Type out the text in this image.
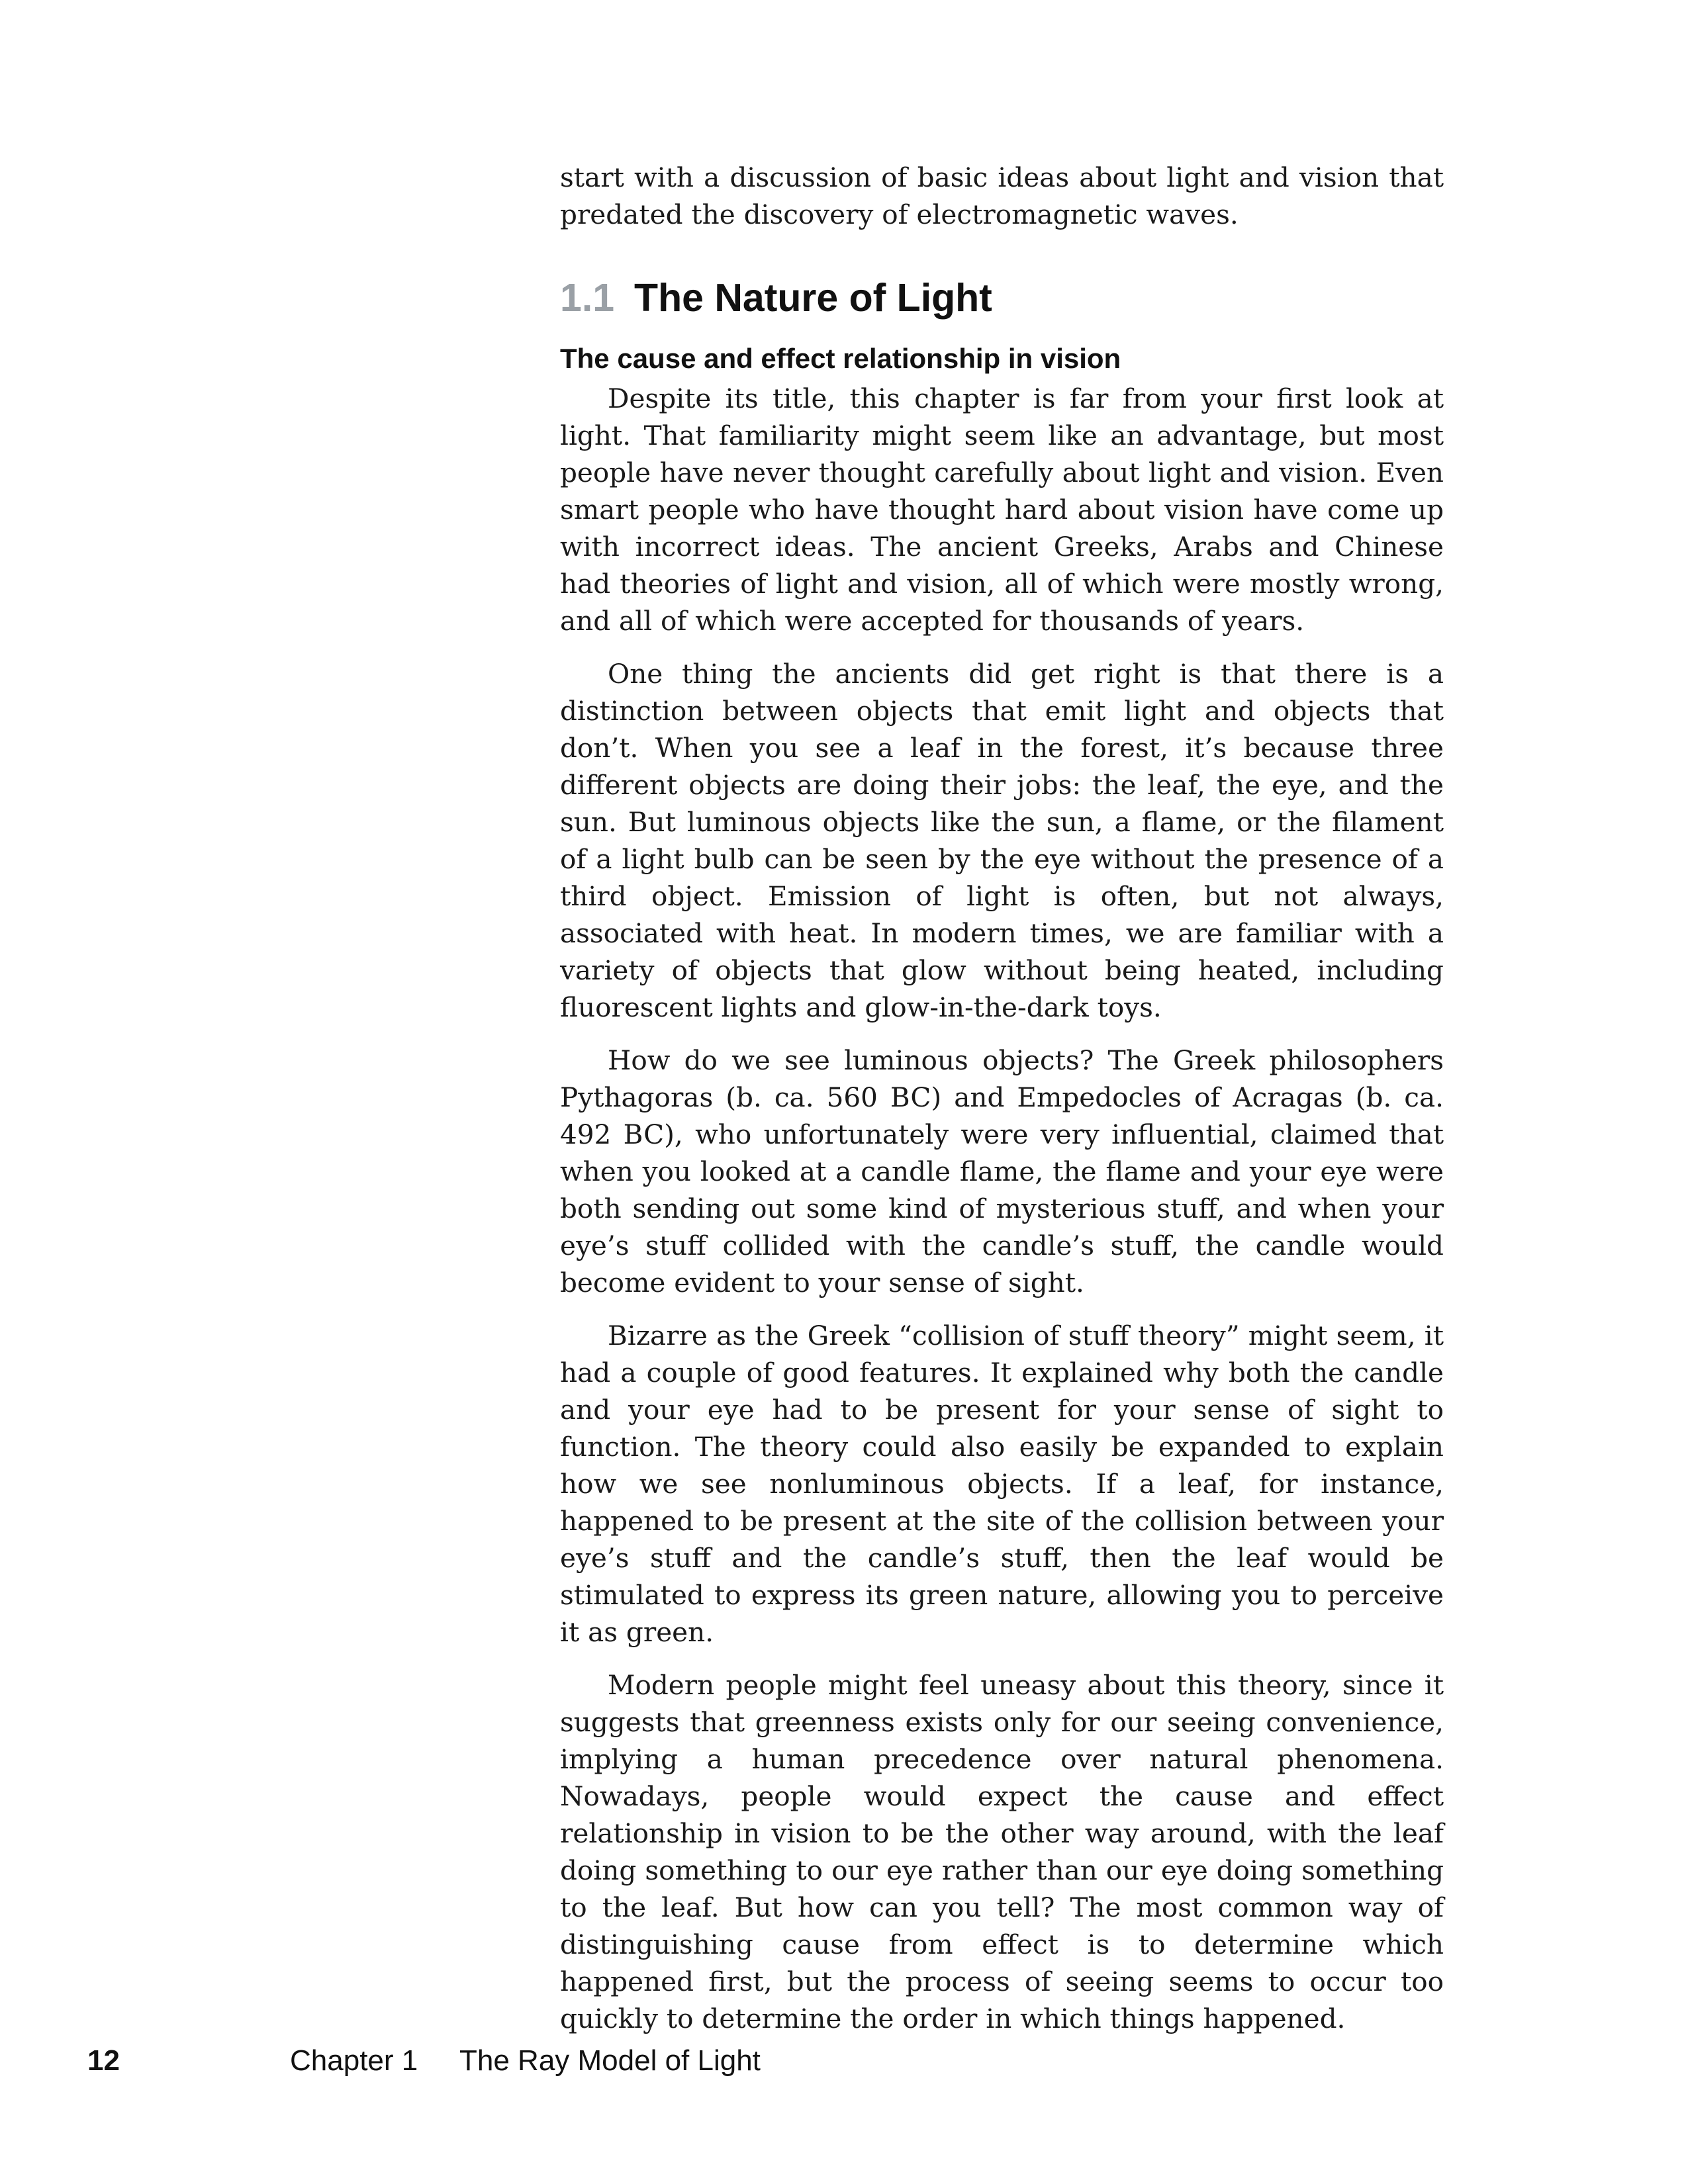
start with a discussion of basic ideas about light and vision that predated the discovery of electromagnetic waves.

1.1 The Nature of Light
The cause and effect relationship in vision

Despite its title, this chapter is far from your first look at light. That familiarity might seem like an advantage, but most people have never thought carefully about light and vision. Even smart people who have thought hard about vision have come up with incorrect ideas. The ancient Greeks, Arabs and Chinese had theories of light and vision, all of which were mostly wrong, and all of which were accepted for thousands of years.

One thing the ancients did get right is that there is a distinction between objects that emit light and objects that don’t. When you see a leaf in the forest, it’s because three different objects are doing their jobs: the leaf, the eye, and the sun. But luminous objects like the sun, a flame, or the filament of a light bulb can be seen by the eye without the presence of a third object. Emission of light is often, but not always, associated with heat. In modern times, we are familiar with a variety of objects that glow without being heated, including fluorescent lights and glow-in-the-dark toys.

How do we see luminous objects? The Greek philosophers Pythagoras (b. ca. 560 BC) and Empedocles of Acragas (b. ca. 492 BC), who unfortunately were very influential, claimed that when you looked at a candle flame, the flame and your eye were both sending out some kind of mysterious stuff, and when your eye’s stuff collided with the candle’s stuff, the candle would become evident to your sense of sight.

Bizarre as the Greek “collision of stuff theory” might seem, it had a couple of good features. It explained why both the candle and your eye had to be present for your sense of sight to function. The theory could also easily be expanded to explain how we see nonluminous objects. If a leaf, for instance, happened to be present at the site of the collision between your eye’s stuff and the candle’s stuff, then the leaf would be stimulated to express its green nature, allowing you to perceive it as green.

Modern people might feel uneasy about this theory, since it suggests that greenness exists only for our seeing convenience, implying a human precedence over natural phenomena. Nowadays, people would expect the cause and effect relationship in vision to be the other way around, with the leaf doing something to our eye rather than our eye doing something to the leaf. But how can you tell? The most common way of distinguishing cause from effect is to determine which happened first, but the process of seeing seems to occur too quickly to determine the order in which things happened.

12	Chapter 1 The Ray Model of Light
